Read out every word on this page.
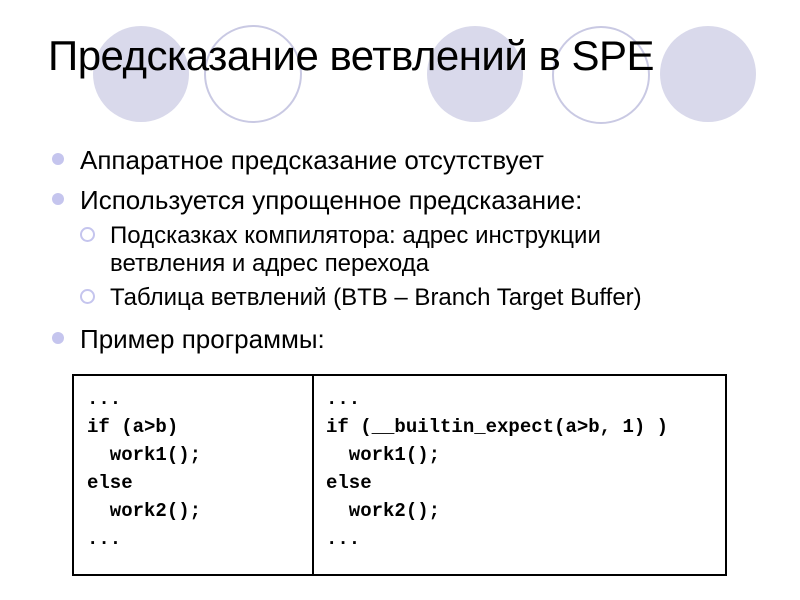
Предсказание ветвлений в SPE
Аппаратное предсказание отсутствует
Используется упрощенное предсказание:
Подсказках компилятора: адрес инструкции ветвления и адрес перехода
Таблица ветвлений (BTB – Branch Target Buffer)
Пример программы:
...
if (a>b)
work1();
else
work2();
...
...
if (__builtin_expect(a>b, 1) )
work1();
else
work2();
...
